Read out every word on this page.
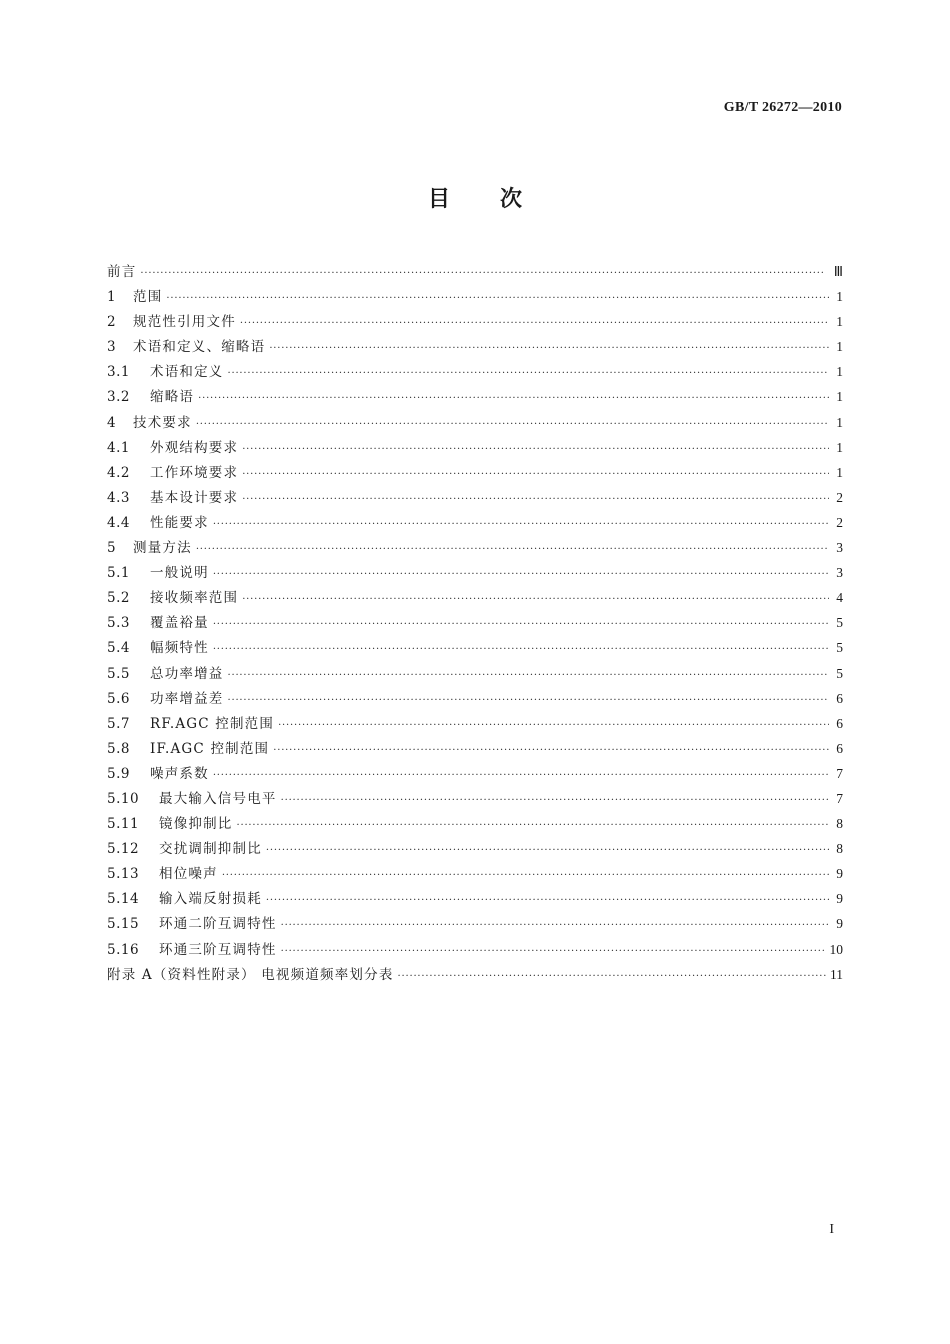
GB/T 26272—2010
目 次
前言 ·····	Ⅲ
1 范围 ·····	1
2 规范性引用文件 ·····	1
3 术语和定义、缩略语 ·····	1
3.1 术语和定义 ·····	1
3.2 缩略语 ·····	1
4 技术要求 ·····	1
4.1 外观结构要求 ·····	1
4.2 工作环境要求 ·····	1
4.3 基本设计要求 ·····	2
4.4 性能要求 ·····	2
5 测量方法 ·····	3
5.1 一般说明 ·····	3
5.2 接收频率范围 ·····	4
5.3 覆盖裕量 ·····	5
5.4 幅频特性 ·····	5
5.5 总功率增益 ·····	5
5.6 功率增益差 ·····	6
5.7 RF.AGC 控制范围 ·····	6
5.8 IF.AGC 控制范围 ·····	6
5.9 噪声系数 ·····	7
5.10 最大输入信号电平 ·····	7
5.11 镜像抑制比 ·····	8
5.12 交扰调制抑制比 ·····	8
5.13 相位噪声 ·····	9
5.14 输入端反射损耗 ·····	9
5.15 环通二阶互调特性 ·····	9
5.16 环通三阶互调特性 ·····	10
附录 A（资料性附录） 电视频道频率划分表 ·····	11
I
